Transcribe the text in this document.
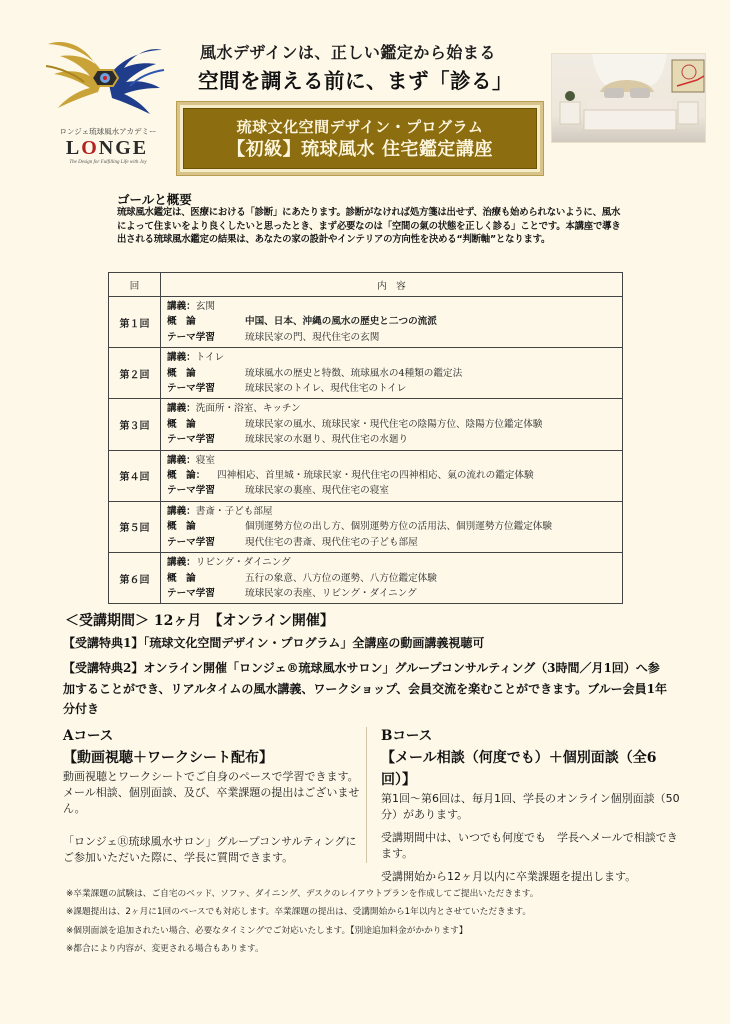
ロンジェ琉球風水アカデミー
LONGE
The Design for Fulfilling Life with Joy
風水デザインは、正しい鑑定から始まる
空間を調える前に、まず「診る」
琉球文化空間デザイン・プログラム
【初級】琉球風水 住宅鑑定講座
ゴールと概要
琉球風水鑑定は、医療における「診断」にあたります。診断がなければ処方箋は出せず、治療も始められないように、風水によって住まいをより良くしたいと思ったとき、まず必要なのは「空間の氣の状態を正しく診る」ことです。本講座で導き出される琉球風水鑑定の結果は、あなたの家の設計やインテリアの方向性を決める“判断軸”となります。
回	内　容
第１回	講義：玄関
概　論 中国、日本、沖縄の風水の歴史と二つの流派
テーマ学習 琉球民家の門、現代住宅の玄関

第２回	講義：トイレ
概　論 琉球風水の歴史と特徴、琉球風水の4種類の鑑定法
テーマ学習 琉球民家のトイレ、現代住宅のトイレ

第３回	講義：洗面所・浴室、キッチン
概　論 琉球民家の風水、琉球民家・現代住宅の陰陽方位、陰陽方位鑑定体験
テーマ学習 琉球民家の水廻り、現代住宅の水廻り

第４回	講義：寝室
概　論： 四神相応、首里城・琉球民家・現代住宅の四神相応、氣の流れの鑑定体験
テーマ学習 琉球民家の裏座、現代住宅の寝室

第５回	講義：書斎・子ども部屋
概　論 個別運勢方位の出し方、個別運勢方位の活用法、個別運勢方位鑑定体験
テーマ学習 現代住宅の書斎、現代住宅の子ども部屋

第６回	講義：リビング・ダイニング
概　論 五行の象意、八方位の運勢、八方位鑑定体験
テーマ学習 琉球民家の表座、リビング・ダイニング
＜受講期間＞ 12ヶ月　【オンライン開催】
【受講特典1】「琉球文化空間デザイン・プログラム」全講座の動画講義視聴可
【受講特典2】オンライン開催「ロンジェ®琉球風水サロン」グループコンサルティング（3時間／月1回）へ参加することができ、リアルタイムの風水講義、ワークショップ、会員交流を楽むことができます。ブルー会員1年分付き
Aコース
【動画視聴＋ワークシート配布】
動画視聴とワークシートでご自身のペースで学習できます。メール相談、個別面談、及び、卒業課題の提出はございません。
「ロンジェⓇ琉球風水サロン」グループコンサルティングにご参加いただいた際に、学長に質問できます。
Bコース
【メール相談（何度でも）＋個別面談（全6回）】
第1回～第6回は、毎月1回、学長のオンライン個別面談（50分）があります。
受講期間中は、いつでも何度でも　学長へメールで相談できます。
受講開始から12ヶ月以内に卒業課題を提出します。
※卒業課題の試験は、ご自宅のベッド、ソファ、ダイニング、デスクのレイアウトプランを作成してご提出いただきます。
※課題提出は、2ヶ月に1回のペースでも対応します。卒業課題の提出は、受講開始から1年以内とさせていただきます。
※個別面談を追加されたい場合、必要なタイミングでご対応いたします。【別途追加料金がかかります】
※都合により内容が、変更される場合もあります。
